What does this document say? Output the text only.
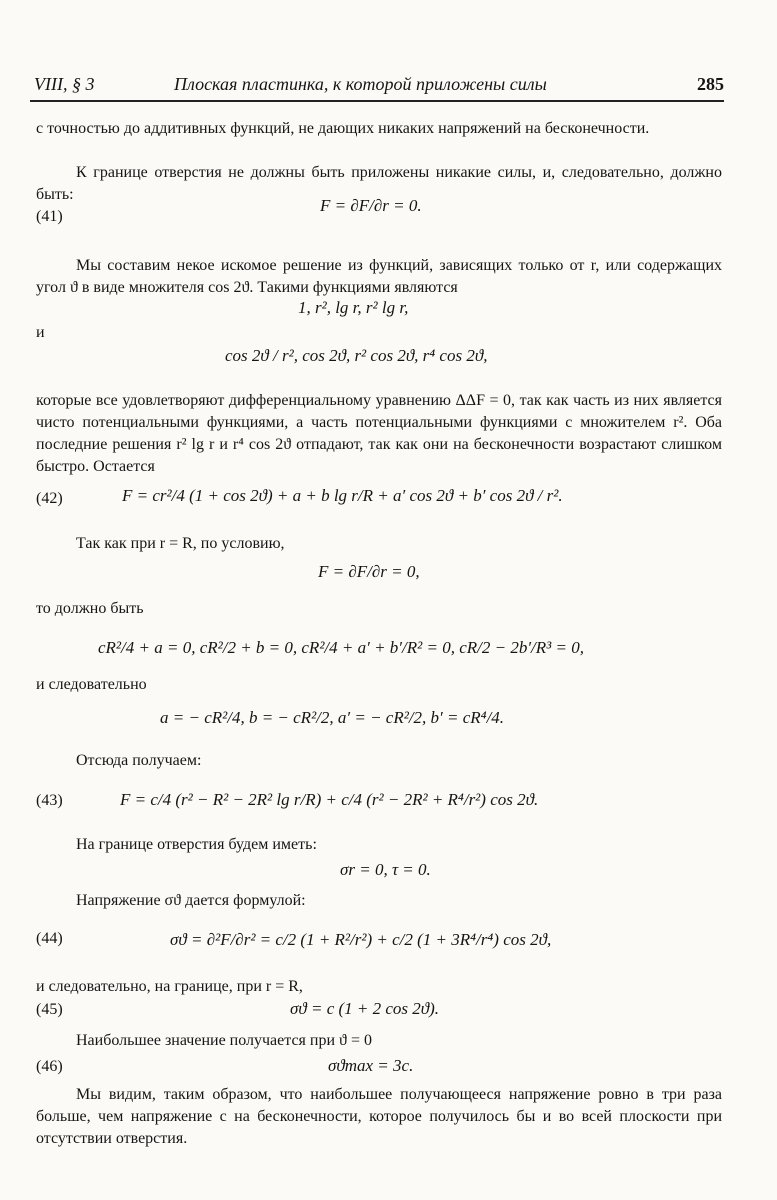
VIII, § 3	Плоская пластинка, к которой приложены силы	285
с точностью до аддитивных функций, не дающих никаких напряжений на бесконечности.
К границе отверстия не должны быть приложены никакие силы, и, следовательно, должно быть:
(41)
F = ∂F/∂r = 0.
Мы составим некое искомое решение из функций, зависящих только от r, или содержащих угол ϑ в виде множителя cos 2ϑ. Такими функциями являются
1, r², lg r, r² lg r,
и
cos 2ϑ / r², cos 2ϑ, r² cos 2ϑ, r⁴ cos 2ϑ,
которые все удовлетворяют дифференциальному уравнению ΔΔF = 0, так как часть из них является чисто потенциальными функциями, а часть потенциальными функциями с множителем r². Оба последние решения r² lg r и r⁴ cos 2ϑ отпадают, так как они на бесконечности возрастают слишком быстро. Остается
(42)	F = cr²/4 (1 + cos 2ϑ) + a + b lg r/R + a′ cos 2ϑ + b′ cos 2ϑ / r².
Так как при r = R, по условию,
F = ∂F/∂r = 0,
то должно быть
cR²/4 + a = 0, cR²/2 + b = 0, cR²/4 + a′ + b′/R² = 0, cR/2 − 2b′/R³ = 0,
и следовательно
a = − cR²/4, b = − cR²/2, a′ = − cR²/2, b′ = cR⁴/4.
Отсюда получаем:
(43)	F = c/4 (r² − R² − 2R² lg r/R) + c/4 (r² − 2R² + R⁴/r²) cos 2ϑ.
На границе отверстия будем иметь:
σr = 0, τ = 0.
Напряжение σϑ дается формулой:
(44)	σϑ = ∂²F/∂r² = c/2 (1 + R²/r²) + c/2 (1 + 3R⁴/r⁴) cos 2ϑ,
и следовательно, на границе, при r = R,
(45)	σϑ = c (1 + 2 cos 2ϑ).
Наибольшее значение получается при ϑ = 0
(46)	σϑmax = 3c.
Мы видим, таким образом, что наибольшее получающееся напряжение ровно в три раза больше, чем напряжение c на бесконечности, которое получилось бы и во всей плоскости при отсутствии отверстия.
